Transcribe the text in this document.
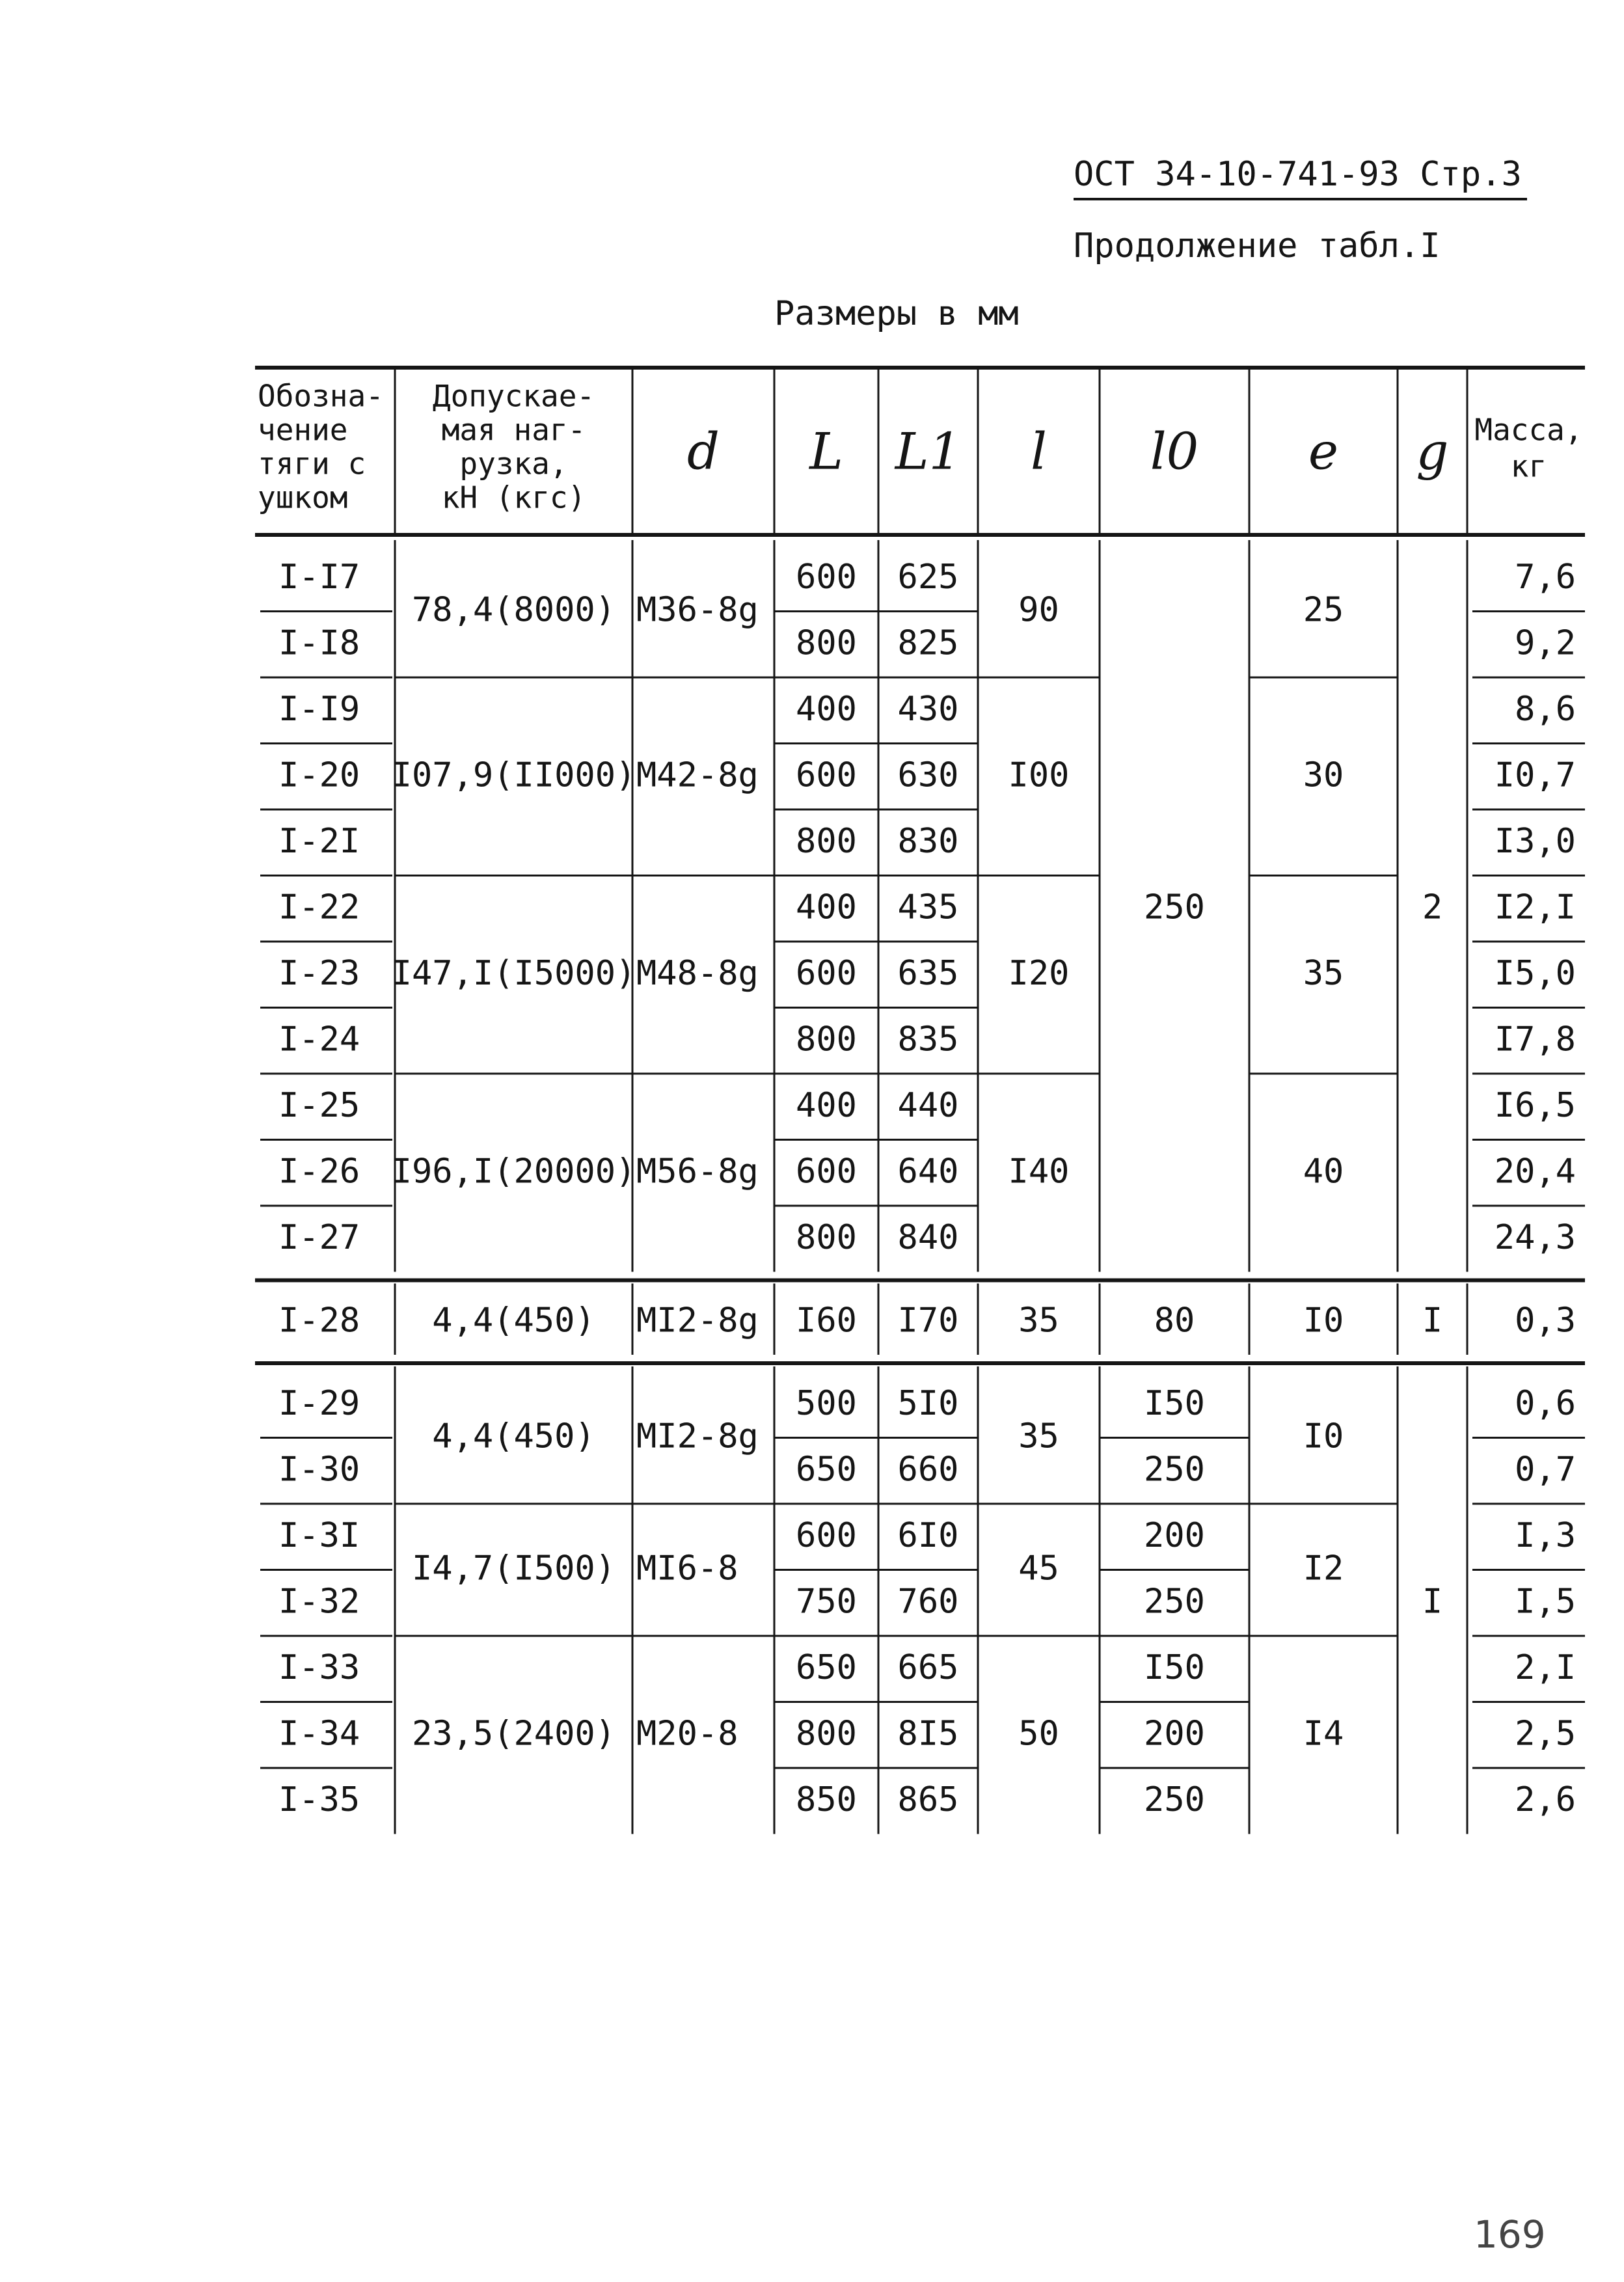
ОСТ 34-10-741-93 Стр.3
Продолжение табл.I
Размеры в мм
Обозна-
чение
тяги с
ушком
Допускае-
мая наг-
рузка,
кН (кгс)
d L L1 l l0 e g Масса,
кг
I-I7
I-I8
I-I9
I-20
I-2I
I-22
I-23
I-24
I-25
I-26
I-27
I-28
I-29
I-30
I-3I
I-32
I-33
I-34
I-35
600
800
400
600
800
400
600
800
400
600
800
I60
500
650
600
750
650
800
850
625
825
430
630
830
435
635
835
440
640
840
I70
5I0
660
6I0
760
665
8I5
865
7,6
9,2
8,6
I0,7
I3,0
I2,I
I5,0
I7,8
I6,5
20,4
24,3
0,3
0,6
0,7
I,3
I,5
2,I
2,5
2,6
78,4(8000) М36-8g
I07,9(II000) М42-8g
I47,I(I5000) М48-8g
I96,I(20000) М56-8g
4,4(450) МI2-8g
4,4(450) МI2-8g
I4,7(I500) МI6-8
23,5(2400) М20-8
90
I00
I20
I40
35
35
45
50
25
30
35
40
I0
I0
I2
I4
250
80
I50
250
200
250
I50
200
250
2
I
I
169
